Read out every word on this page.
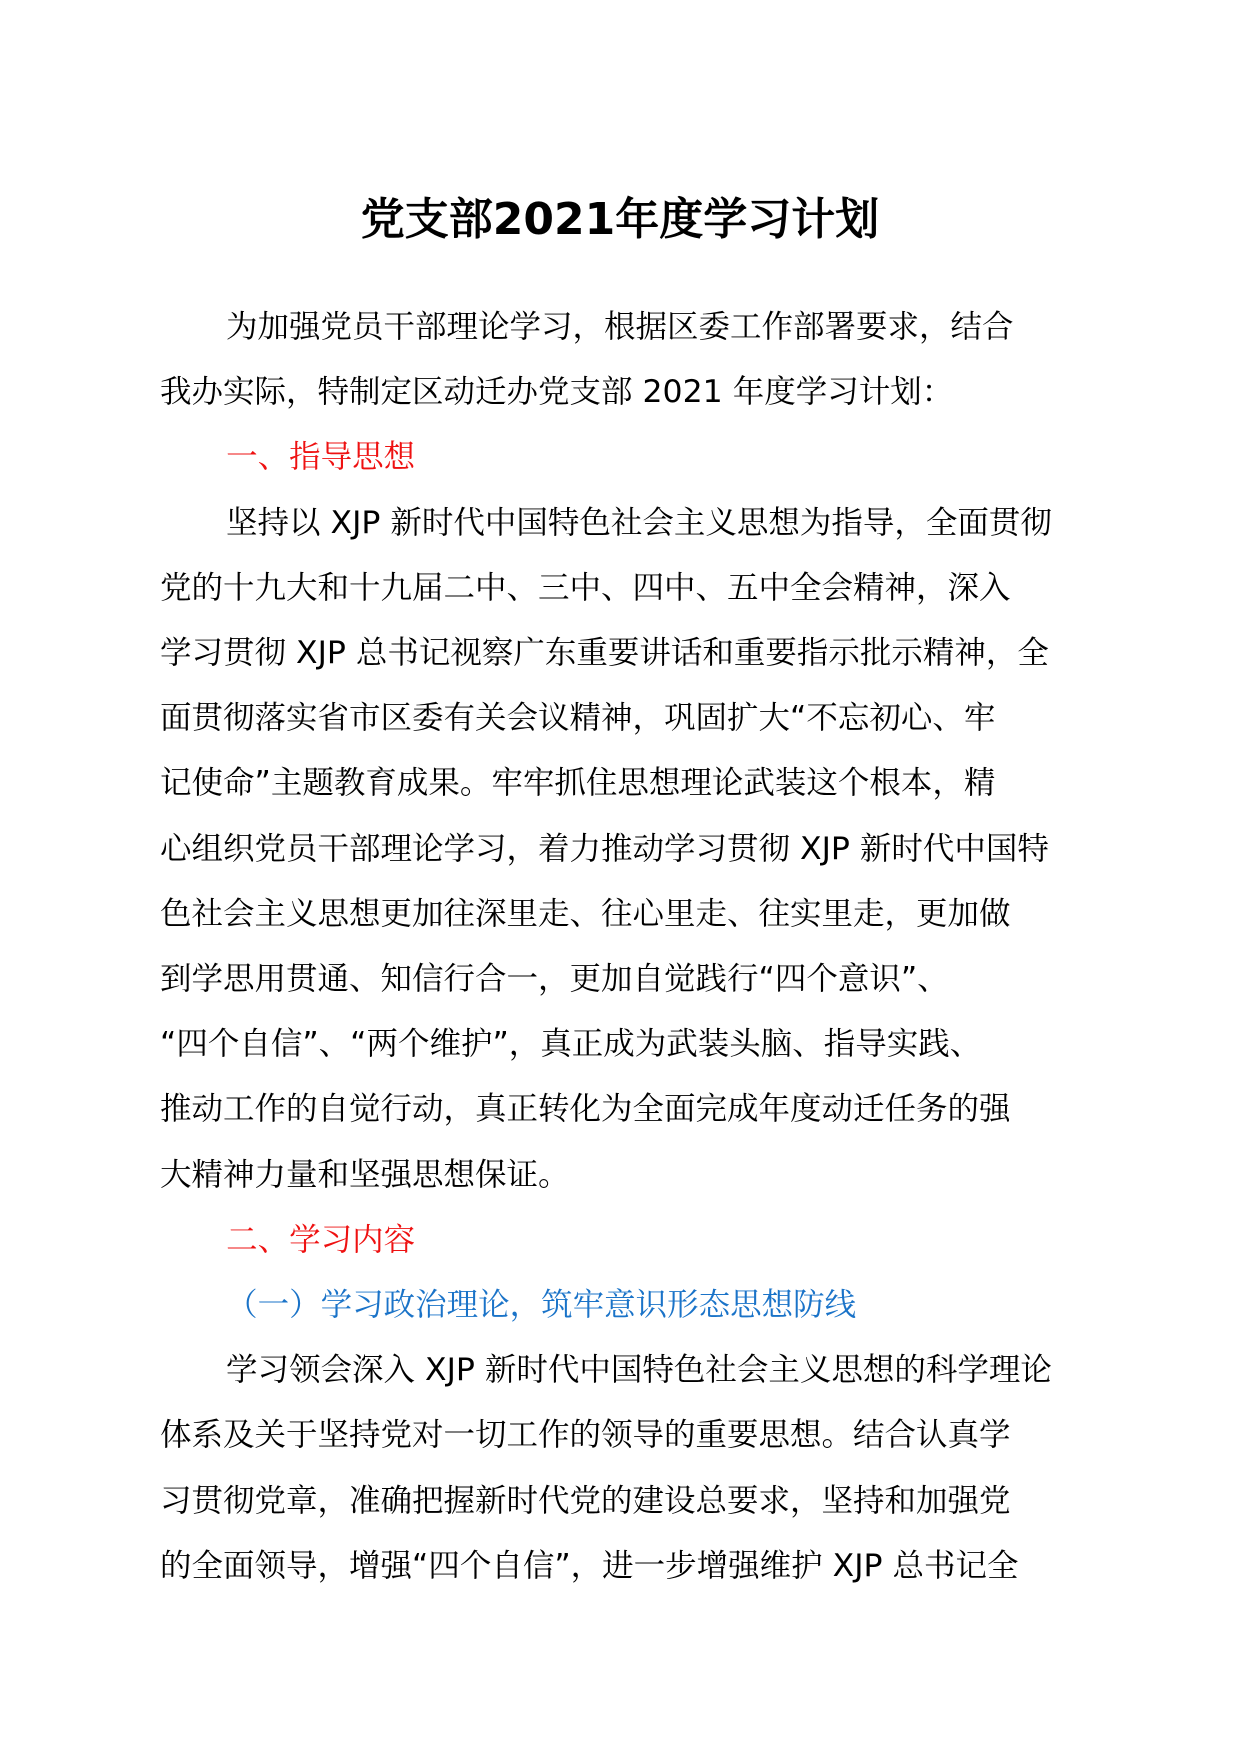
党支部2021年度学习计划

为加强党员干部理论学习，根据区委工作部署要求，结合
我办实际，特制定区动迁办党支部 2021 年度学习计划：

一、指导思想

坚持以 XJP 新时代中国特色社会主义思想为指导，全面贯彻
党的十九大和十九届二中、三中、四中、五中全会精神，深入
学习贯彻 XJP 总书记视察广东重要讲话和重要指示批示精神，全
面贯彻落实省市区委有关会议精神，巩固扩大“不忘初心、牢
记使命”主题教育成果。牢牢抓住思想理论武装这个根本，精
心组织党员干部理论学习，着力推动学习贯彻 XJP 新时代中国特
色社会主义思想更加往深里走、往心里走、往实里走，更加做
到学思用贯通、知信行合一，更加自觉践行“四个意识”、
“四个自信”、“两个维护”，真正成为武装头脑、指导实践、
推动工作的自觉行动，真正转化为全面完成年度动迁任务的强
大精神力量和坚强思想保证。

二、学习内容

（一）学习政治理论，筑牢意识形态思想防线

学习领会深入 XJP 新时代中国特色社会主义思想的科学理论
体系及关于坚持党对一切工作的领导的重要思想。结合认真学
习贯彻党章，准确把握新时代党的建设总要求，坚持和加强党
的全面领导，增强“四个自信”，进一步增强维护 XJP 总书记全
